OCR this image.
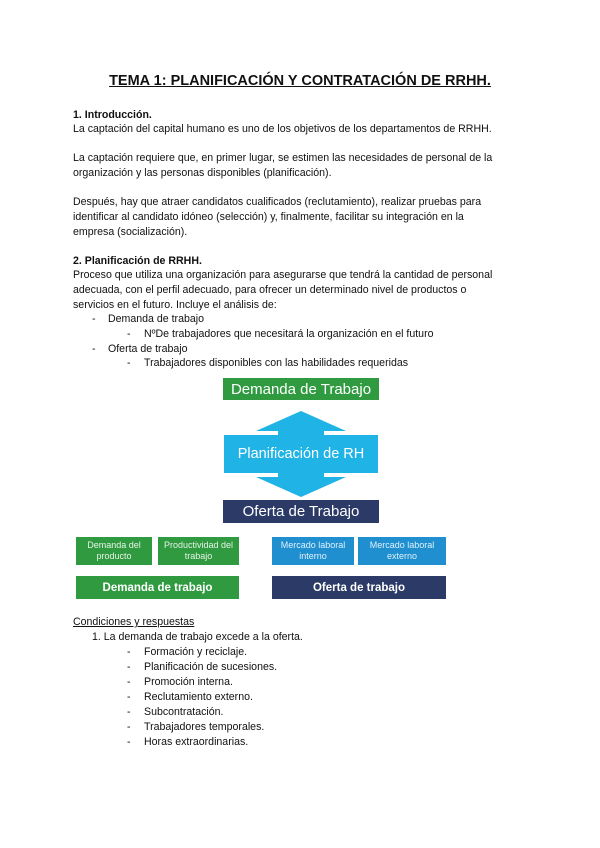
TEMA 1: PLANIFICACIÓN Y CONTRATACIÓN DE RRHH.
1. Introducción.
La captación del capital humano es uno de los objetivos de los departamentos de RRHH.
La captación requiere que, en primer lugar, se estimen las necesidades de personal de la
organización y las personas disponibles (planificación).
Después, hay que atraer candidatos cualificados (reclutamiento), realizar pruebas para
identificar al candidato idóneo (selección) y, finalmente, facilitar su integración en la
empresa (socialización).
2. Planificación de RRHH.
Proceso que utiliza una organización para asegurarse que tendrá la cantidad de personal
adecuada, con el perfil adecuado, para ofrecer un determinado nivel de productos o
servicios en el futuro. Incluye el análisis de:
- Demanda de trabajo
- NºDe trabajadores que necesitará la organización en el futuro
- Oferta de trabajo
- Trabajadores disponibles con las habilidades requeridas
Demanda de Trabajo
Planificación de RH
Oferta de Trabajo
Demanda del producto
Productividad del trabajo
Mercado laboral interno
Mercado laboral externo
Demanda de trabajo	Oferta de trabajo
Condiciones y respuestas
1. La demanda de trabajo excede a la oferta.
- Formación y reciclaje.
- Planificación de sucesiones.
- Promoción interna.
- Reclutamiento externo.
- Subcontratación.
- Trabajadores temporales.
- Horas extraordinarias.
